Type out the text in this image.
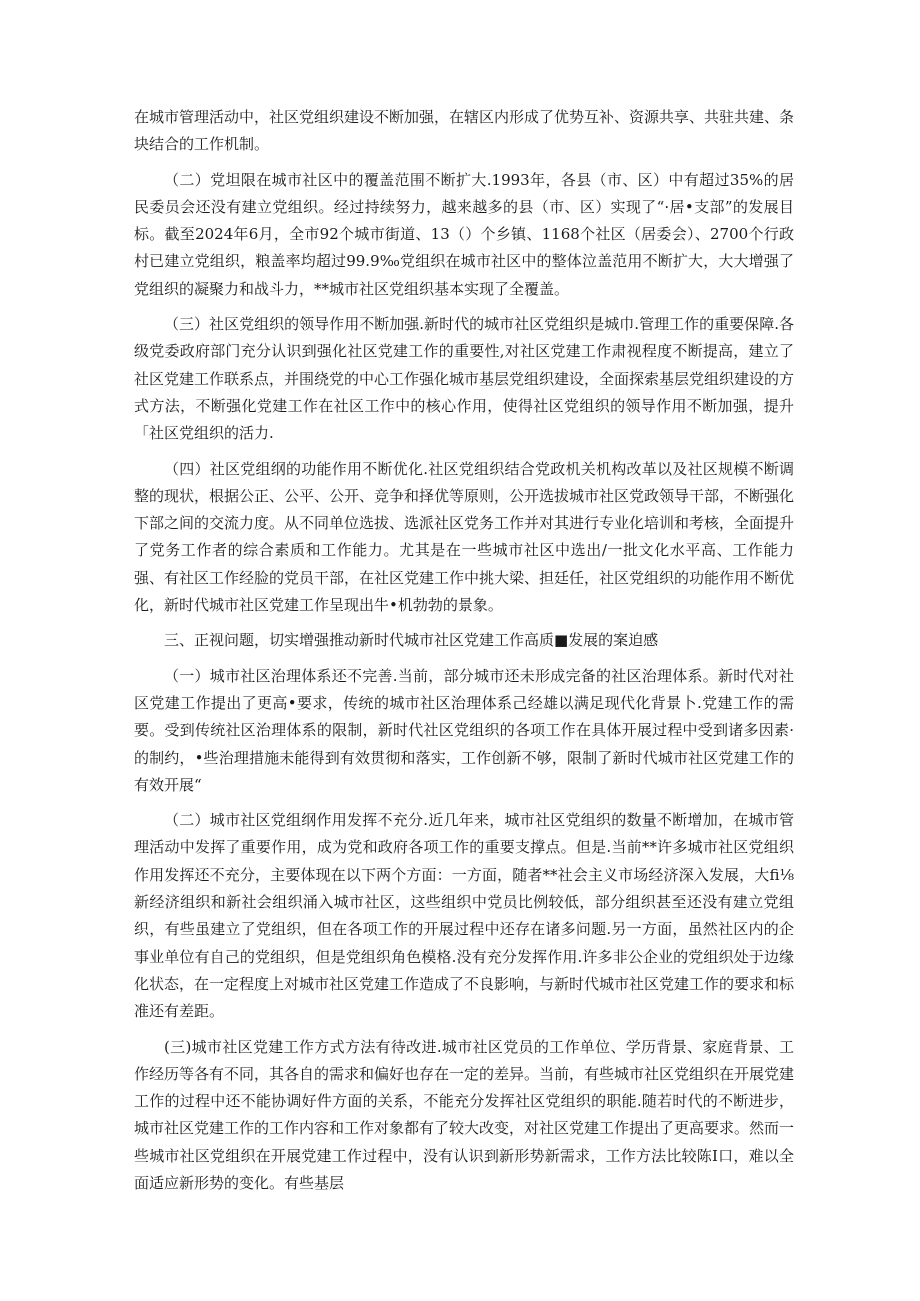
在城市管理活动中，社区党组织建设不断加强，在辖区内形成了优势互补、资源共享、共驻共建、条块结合的工作机制。

（二）党坦限在城市社区中的覆盖范围不断扩大.1993年，各县（市、区）中有超过35%的居民委员会还没有建立党组织。经过持续努力，越来越多的县（市、区）实现了“·居•支部”的发展目标。截至2024年6月，全市92个城市街道、13（）个乡镇、1168个社区（居委会）、2700个行政村已建立党组织，粮盖率均超过99.9‰党组织在城市社区中的整体泣盖范用不断扩大，大大增强了党组织的凝聚力和战斗力，**城市社区党组织基本实现了全覆盖。

（三）社区党组织的领导作用不断加强.新时代的城市社区党组织是城巾.管理工作的重要保障.各级党委政府部门充分认识到强化社区党建工作的重要性,对社区党建工作肃视程度不断提高，建立了社区党建工作联系点，并围绕党的中心工作强化城市基层党组织建设，全面探索基层党组织建设的方式方法，不断强化党建工作在社区工作中的核心作用，使得社区党组织的领导作用不断加强，提升「社区党组织的活力.

（四）社区党组纲的功能作用不断优化.社区党组织结合党政机关机构改革以及社区规模不断调整的现状，根据公正、公平、公开、竞争和择优等原则，公开选拔城市社区党政领导干部，不断强化下部之间的交流力度。从不同单位选拔、选派社区党务工作并对其进行专业化培训和考核，全面提升了党务工作者的综合素质和工作能力。尤其是在一些城市社区中选出/一批文化水平高、工作能力强、有社区工作经脸的党员干部，在社区党建工作中挑大梁、担廷任，社区党组织的功能作用不断优化，新时代城市社区党建工作呈现出牛•机勃勃的景象。

三、正视问题，切实增强推动新时代城市社区党建工作高质■发展的案迫感

（一）城市社区治理体系还不完善.当前，部分城市还未形成完备的社区治理体系。新时代对社区党建工作提出了更高•要求，传统的城市社区治理体系己经雄以满足现代化背景卜.党建工作的需要。受到传统社区治理体系的限制，新时代社区党组织的各项工作在具体开展过程中受到诸多因素·的制约，•些治理措施未能得到有效贯彻和落实，工作创新不够，限制了新时代城市社区党建工作的有效开展“

（二）城市社区党组纲作用发挥不充分.近几年来，城市社区党组织的数量不断增加，在城市管理活动中发挥了重要作用，成为党和政府各项工作的重要支撑点。但是.当前**许多城市社区党组织作用发挥还不充分，主要体现在以下两个方面：一方面，随者**社会主义市场经济深入发展，大fi⅛新经济组织和新社会组织涌入城市社区，这些组织中党员比例较低，部分组织甚至还没有建立党组织，有些虽建立了党组织，但在各项工作的开展过程中还存在诸多问题.另一方面，虽然社区内的企事业单位有自己的党组织，但是党组织角色模格.没有充分发挥作用.许多非公企业的党组织处于边缘化状态，在一定程度上对城市社区党建工作造成了不良影响，与新时代城市社区党建工作的要求和标准还有差距。

(三)城市社区党建工作方式方法有待改进.城市社区党员的工作单位、学历背景、家庭背景、工作经历等各有不同，其各自的需求和偏好也存在一定的差异。当前，有些城市社区党组织在开展党建工作的过程中还不能协调好件方面的关系，不能充分发挥社区党组织的职能.随若时代的不断进步，城市社区党建工作的工作内容和工作对象都有了较大改变，对社区党建工作提出了更高要求。然而一些城市社区党组织在开展党建工作过程中，没有认识到新形势新需求，工作方法比较陈I口，难以全面适应新形势的变化。有些基层
